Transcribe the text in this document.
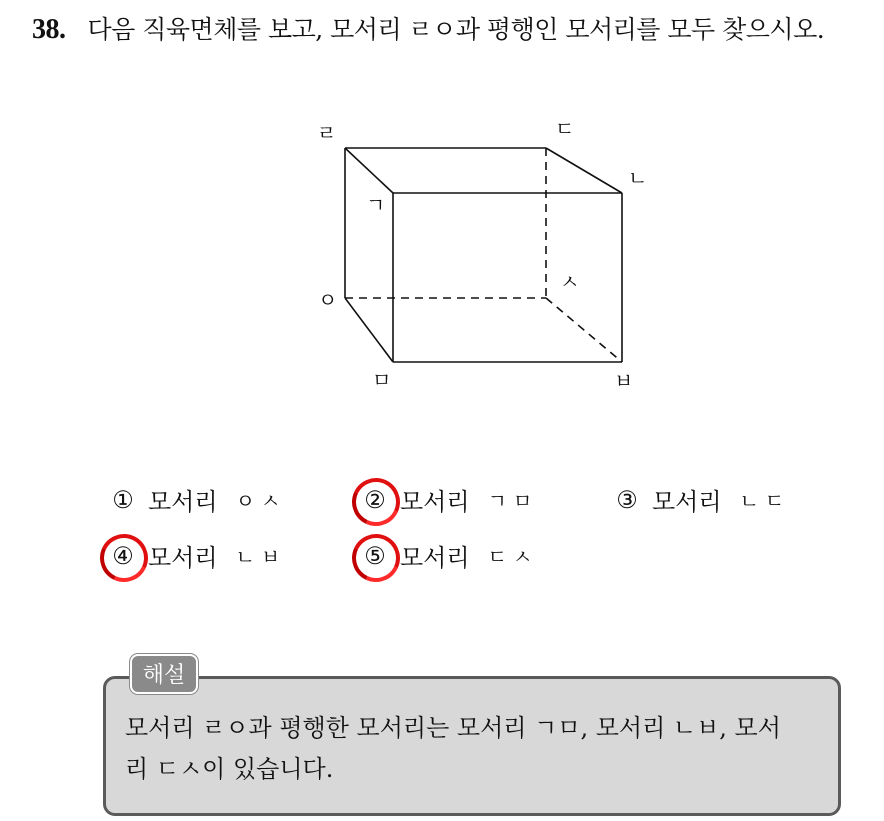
38. 다음 직육면체를 보고, 모서리 ㄹㅇ과 평행인 모서리를 모두 찾으시오.
ㄹ	ㄷ
ㄴ
ㄱ
ㅅ
ㅇ
ㅁ	ㅂ
① 모서리 ㅇㅅ	② 모서리 ㄱㅁ	③ 모서리 ㄴㄷ
④ 모서리 ㄴㅂ	⑤ 모서리 ㄷㅅ
해설
모서리 ㄹㅇ과 평행한 모서리는 모서리 ㄱㅁ, 모서리 ㄴㅂ, 모서
리 ㄷㅅ이 있습니다.
